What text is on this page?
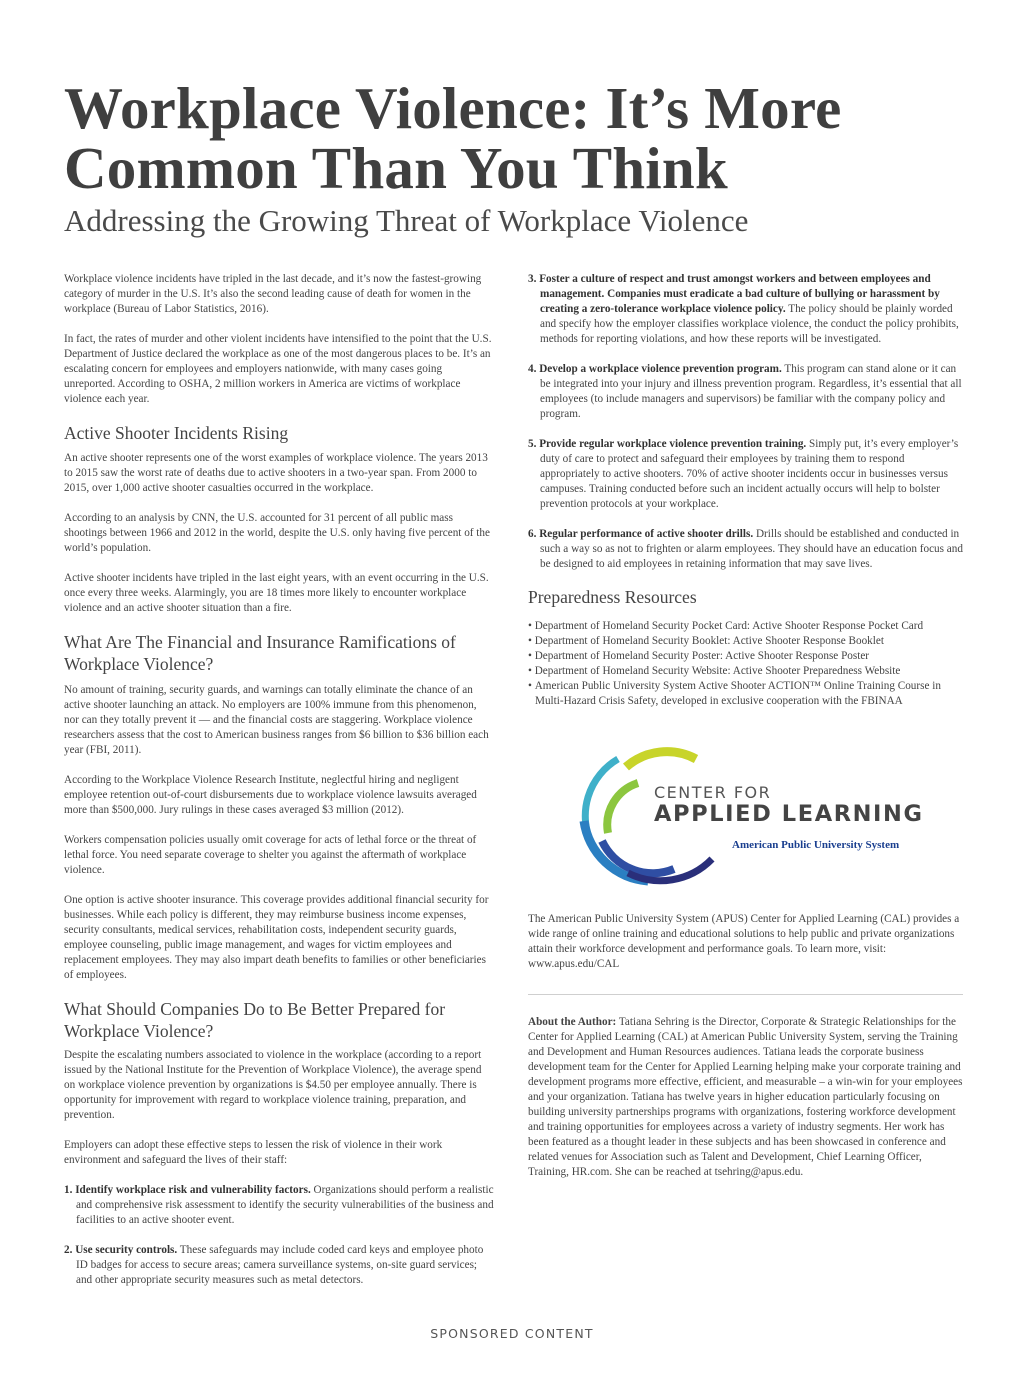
Workplace Violence: It’s More Common Than You Think
Addressing the Growing Threat of Workplace Violence

Workplace violence incidents have tripled in the last decade, and it’s now the fastest-growing category of murder in the U.S. It’s also the second leading cause of death for women in the workplace (Bureau of Labor Statistics, 2016).

In fact, the rates of murder and other violent incidents have intensified to the point that the U.S. Department of Justice declared the workplace as one of the most dangerous places to be. It’s an escalating concern for employees and employers nationwide, with many cases going unreported. According to OSHA, 2 million workers in America are victims of workplace violence each year.

Active Shooter Incidents Rising

An active shooter represents one of the worst examples of workplace violence. The years 2013 to 2015 saw the worst rate of deaths due to active shooters in a two-year span. From 2000 to 2015, over 1,000 active shooter casualties occurred in the workplace.

According to an analysis by CNN, the U.S. accounted for 31 percent of all public mass shootings between 1966 and 2012 in the world, despite the U.S. only having five percent of the world’s population.

Active shooter incidents have tripled in the last eight years, with an event occurring in the U.S. once every three weeks. Alarmingly, you are 18 times more likely to encounter workplace violence and an active shooter situation than a fire.

What Are The Financial and Insurance Ramifications of Workplace Violence?

No amount of training, security guards, and warnings can totally eliminate the chance of an active shooter launching an attack. No employers are 100% immune from this phenomenon, nor can they totally prevent it — and the financial costs are staggering. Workplace violence researchers assess that the cost to American business ranges from $6 billion to $36 billion each year (FBI, 2011).

According to the Workplace Violence Research Institute, neglectful hiring and negligent employee retention out-of-court disbursements due to workplace violence lawsuits averaged more than $500,000. Jury rulings in these cases averaged $3 million (2012).

Workers compensation policies usually omit coverage for acts of lethal force or the threat of lethal force. You need separate coverage to shelter you against the aftermath of workplace violence.

One option is active shooter insurance. This coverage provides additional financial security for businesses. While each policy is different, they may reimburse business income expenses, security consultants, medical services, rehabilitation costs, independent security guards, employee counseling, public image management, and wages for victim employees and replacement employees. They may also impart death benefits to families or other beneficiaries of employees.

What Should Companies Do to Be Better Prepared for Workplace Violence?

Despite the escalating numbers associated to violence in the workplace (according to a report issued by the National Institute for the Prevention of Workplace Violence), the average spend on workplace violence prevention by organizations is $4.50 per employee annually. There is opportunity for improvement with regard to workplace violence training, preparation, and prevention.

Employers can adopt these effective steps to lessen the risk of violence in their work environment and safeguard the lives of their staff:

1. Identify workplace risk and vulnerability factors. Organizations should perform a realistic and comprehensive risk assessment to identify the security vulnerabilities of the business and facilities to an active shooter event.
2. Use security controls. These safeguards may include coded card keys and employee photo ID badges for access to secure areas; camera surveillance systems, on-site guard services; and other appropriate security measures such as metal detectors.
3. Foster a culture of respect and trust amongst workers and between employees and management. Companies must eradicate a bad culture of bullying or harassment by creating a zero-tolerance workplace violence policy. The policy should be plainly worded and specify how the employer classifies workplace violence, the conduct the policy prohibits, methods for reporting violations, and how these reports will be investigated.
4. Develop a workplace violence prevention program. This program can stand alone or it can be integrated into your injury and illness prevention program. Regardless, it’s essential that all employees (to include managers and supervisors) be familiar with the company policy and program.
5. Provide regular workplace violence prevention training. Simply put, it’s every employer’s duty of care to protect and safeguard their employees by training them to respond appropriately to active shooters. 70% of active shooter incidents occur in businesses versus campuses. Training conducted before such an incident actually occurs will help to bolster prevention protocols at your workplace.
6. Regular performance of active shooter drills. Drills should be established and conducted in such a way so as not to frighten or alarm employees. They should have an education focus and be designed to aid employees in retaining information that may save lives.
Preparedness Resources
• Department of Homeland Security Pocket Card: Active Shooter Response Pocket Card
• Department of Homeland Security Booklet: Active Shooter Response Booklet
• Department of Homeland Security Poster: Active Shooter Response Poster
• Department of Homeland Security Website: Active Shooter Preparedness Website
• American Public University System Active Shooter ACTION™ Online Training Course in Multi-Hazard Crisis Safety, developed in exclusive cooperation with the FBINAA
CENTER FOR
APPLIED LEARNING
American Public University System

The American Public University System (APUS) Center for Applied Learning (CAL) provides a wide range of online training and educational solutions to help public and private organizations attain their workforce development and performance goals. To learn more, visit: www.apus.edu/CAL

About the Author: Tatiana Sehring is the Director, Corporate & Strategic Relationships for the Center for Applied Learning (CAL) at American Public University System, serving the Training and Development and Human Resources audiences. Tatiana leads the corporate business development team for the Center for Applied Learning helping make your corporate training and development programs more effective, efficient, and measurable – a win-win for your employees and your organization. Tatiana has twelve years in higher education particularly focusing on building university partnerships programs with organizations, fostering workforce development and training opportunities for employees across a variety of industry segments. Her work has been featured as a thought leader in these subjects and has been showcased in conference and related venues for Association such as Talent and Development, Chief Learning Officer, Training, HR.com. She can be reached at tsehring@apus.edu.

SPONSORED CONTENT
